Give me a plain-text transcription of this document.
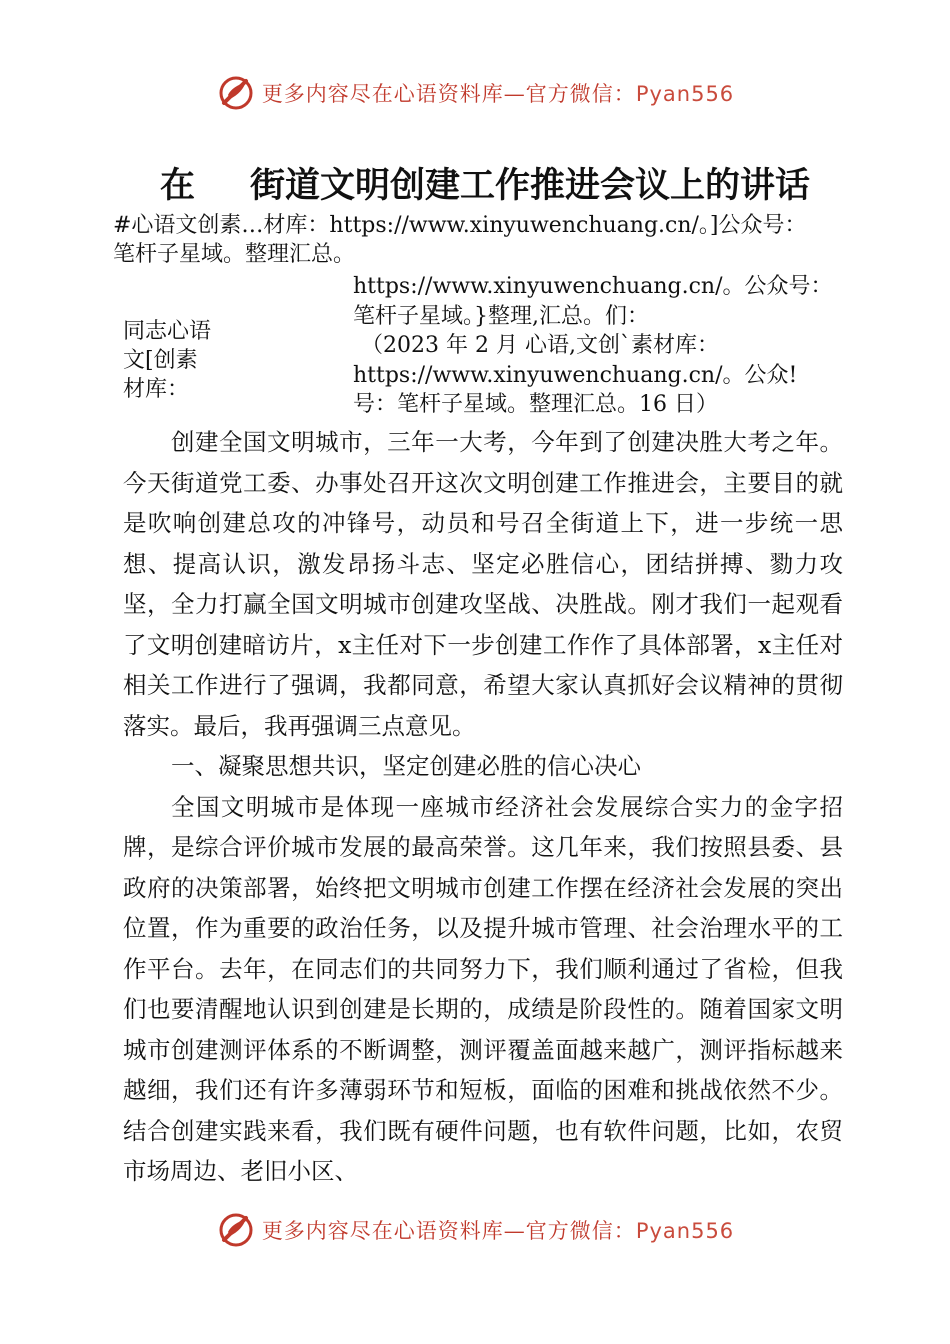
更多内容尽在心语资料库—官方微信：Pyan556
在 街道文明创建工作推进会议上的讲话
#心语文创素…材库：https://www.xinyuwenchuang.cn/。]公众号：
笔杆子星域。整理汇总。
同志心语
文[创素
材库：
https://www.xinyuwenchuang.cn/。公众号：
笔杆子星域。}整理,汇总。们：
（2023 年 2 月 心语,文创`素材库：
https://www.xinyuwenchuang.cn/。公众!
号：笔杆子星域。整理汇总。16 日）

创建全国文明城市，三年一大考，今年到了创建决胜大考之年。今天街道党工委、办事处召开这次文明创建工作推进会，主要目的就是吹响创建总攻的冲锋号，动员和号召全街道上下，进一步统一思想、提高认识，激发昂扬斗志、坚定必胜信心，团结拼搏、勠力攻坚，全力打赢全国文明城市创建攻坚战、决胜战。刚才我们一起观看了文明创建暗访片，x主任对下一步创建工作作了具体部署，x主任对相关工作进行了强调，我都同意，希望大家认真抓好会议精神的贯彻落实。最后，我再强调三点意见。

一、凝聚思想共识，坚定创建必胜的信心决心

全国文明城市是体现一座城市经济社会发展综合实力的金字招牌，是综合评价城市发展的最高荣誉。这几年来，我们按照县委、县政府的决策部署，始终把文明城市创建工作摆在经济社会发展的突出位置，作为重要的政治任务，以及提升城市管理、社会治理水平的工作平台。去年，在同志们的共同努力下，我们顺利通过了省检，但我们也要清醒地认识到创建是长期的，成绩是阶段性的。随着国家文明城市创建测评体系的不断调整，测评覆盖面越来越广，测评指标越来越细，我们还有许多薄弱环节和短板，面临的困难和挑战依然不少。结合创建实践来看，我们既有硬件问题，也有软件问题，比如，农贸市场周边、老旧小区、

更多内容尽在心语资料库—官方微信：Pyan556
